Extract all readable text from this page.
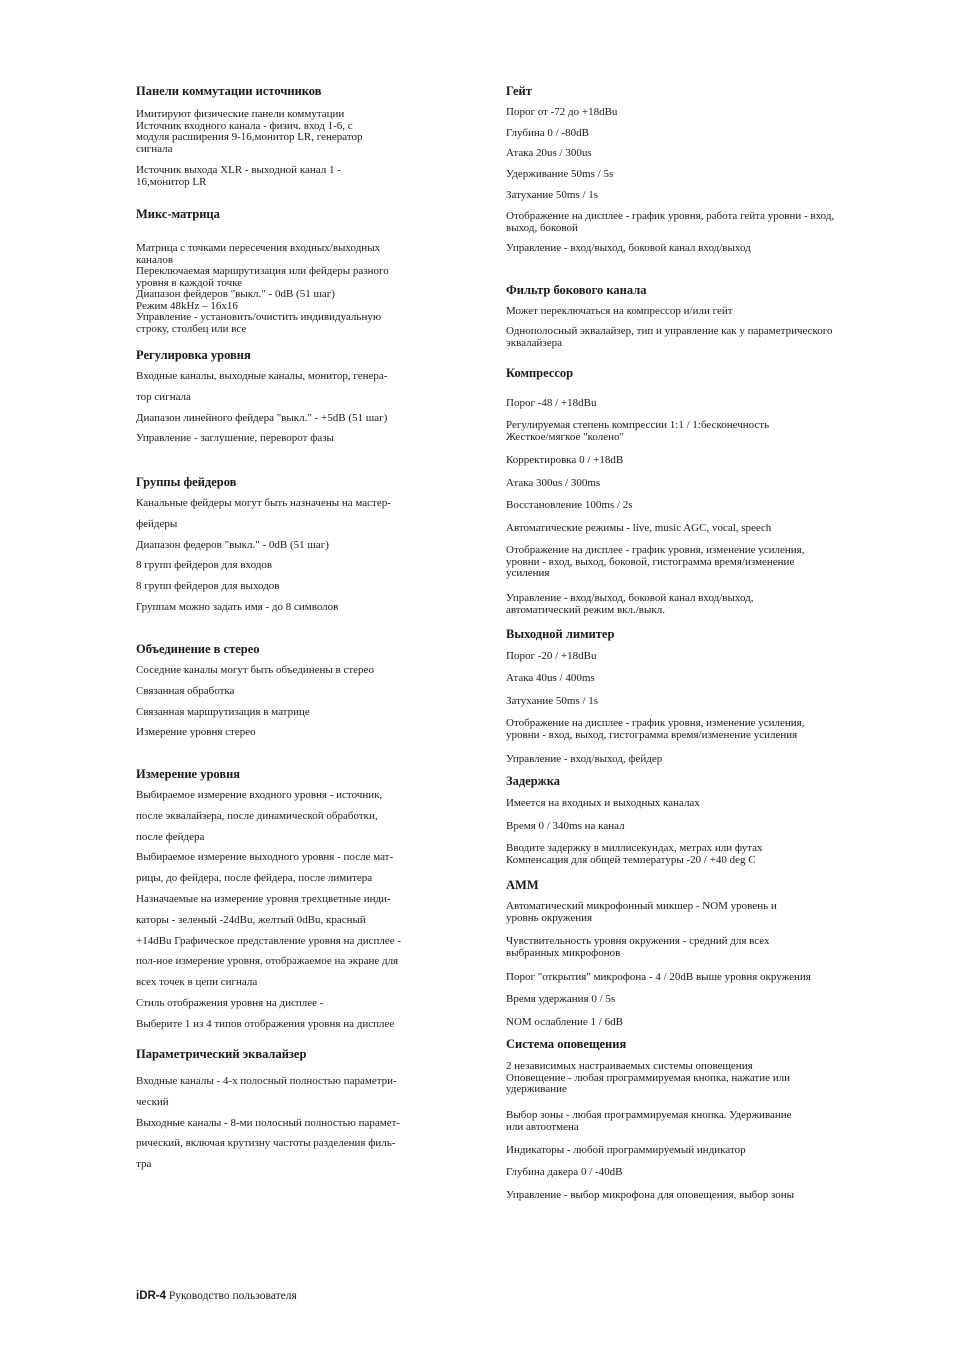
Панели коммутации источников
Имитируют физические панели коммутации
Источник входного канала - физич. вход 1-6, с
модуля расширения 9-16,монитор LR, генератор
сигнала
Источник выхода XLR - выходной канал 1 -
16,монитор LR
Микс-матрица
Матрица с точками пересечения входных/выходных
каналов
Переключаемая маршрутизация или фейдеры разного
уровня в каждой точке
Диапазон фейдеров "выкл." - 0dB (51 шаг)
Режим 48kHz – 16x16
Управление - установить/очистить индивидуальную
строку, столбец или все
Регулировка уровня
Входные каналы, выходные каналы, монитор, генера-
тор сигнала
Диапазон линейного фейдера "выкл." - +5dB (51 шаг)
Управление - заглушение, переворот фазы
Группы фейдеров
Канальные фейдеры могут быть назначены на мастер-
фейдеры
Диапазон федеров "выкл." - 0dB (51 шаг)
8 групп фейдеров для входов
8 групп фейдеров для выходов
Группам можно задать имя - до 8 символов
Объединение в стерео
Соседние каналы могут быть объединены в стерео
Связанная обработка
Связанная маршрутизация в матрице
Измерение уровня стерео
Измерение уровня
Выбираемое измерение входного уровня - источник,
после эквалайзера, после динамической обработки,
после фейдера
Выбираемое измерение выходного уровня - после мат-
рицы, до фейдера, после фейдера, после лимитера
Назначаемые на измерение уровня трехцветные инди-
каторы - зеленый -24dBu, желтый 0dBu, красный
+14dBu Графическое представление уровня на дисплее -
пол-ное измерение уровня, отображаемое на экране для
всех точек в цепи сигнала
Стиль отображения уровня на дисплее -
Выберите 1 из 4 типов отображения уровня на дисплее
Параметрический эквалайзер
Входные каналы - 4-х полосный полностью параметри-
ческий
Выходные каналы - 8-ми полосный полностью парамет-
рический, включая крутизну частоты разделения филь-
тра
Гейт
Порог от -72 до +18dBu
Глубина 0 / -80dB
Атака 20us / 300us
Удерживание 50ms / 5s
Затухание 50ms / 1s
Отображение на дисплее - график уровня, работа гейта уровни - вход,
выход, боковой
Управление - вход/выход, боковой канал вход/выход
Фильтр бокового канала
Может переключаться на компрессор и/или гейт
Однополосный эквалайзер, тип и управление как у параметрического
эквалайзера
Компрессор
Порог -48 / +18dBu
Регулируемая степень компрессии 1:1 / 1:бесконечность
Жесткое/мягкое "колено"
Корректировка 0 / +18dB
Атака 300us / 300ms
Восстановление 100ms / 2s
Автоматические режимы - live, music AGC, vocal, speech
Отображение на дисплее - график уровня, изменение усиления,
уровни - вход, выход, боковой, гистограмма время/изменение
усиления
Управление - вход/выход, боковой канал вход/выход,
автоматический режим вкл./выкл.
Выходной лимитер
Порог -20 / +18dBu
Атака 40us / 400ms
Затухание 50ms / 1s
Отображение на дисплее - график уровня, изменение усиления,
уровни - вход, выход, гистограмма время/изменение усиления
Управление - вход/выход, фейдер
Задержка
Имеется на входных и выходных каналах
Время 0 / 340ms на канал
Вводите задержку в миллисекундах, метрах или футах
Компенсация для общей температуры -20 / +40 deg C
AMM
Автоматический микрофонный микшер - NOM уровень и
уровнь окружения
Чувствительность уровня окружения - средний для всех
выбранных микрофонов
Порог "открытия" микрофона - 4 / 20dB выше уровня окружения
Время удержания 0 / 5s
NOM ослабление 1 / 6dB
Система оповещения
2 независимых настраиваемых системы оповещения
Оповещение - любая программируемая кнопка, нажатие или
удерживание
Выбор зоны - любая программируемая кнопка. Удерживание
или автоотмена
Индикаторы - любой программируемый индикатор
Глубина дакера 0 / -40dB
Управление - выбор микрофона для оповещения, выбор зоны
iDR-4 Руководство пользователя
